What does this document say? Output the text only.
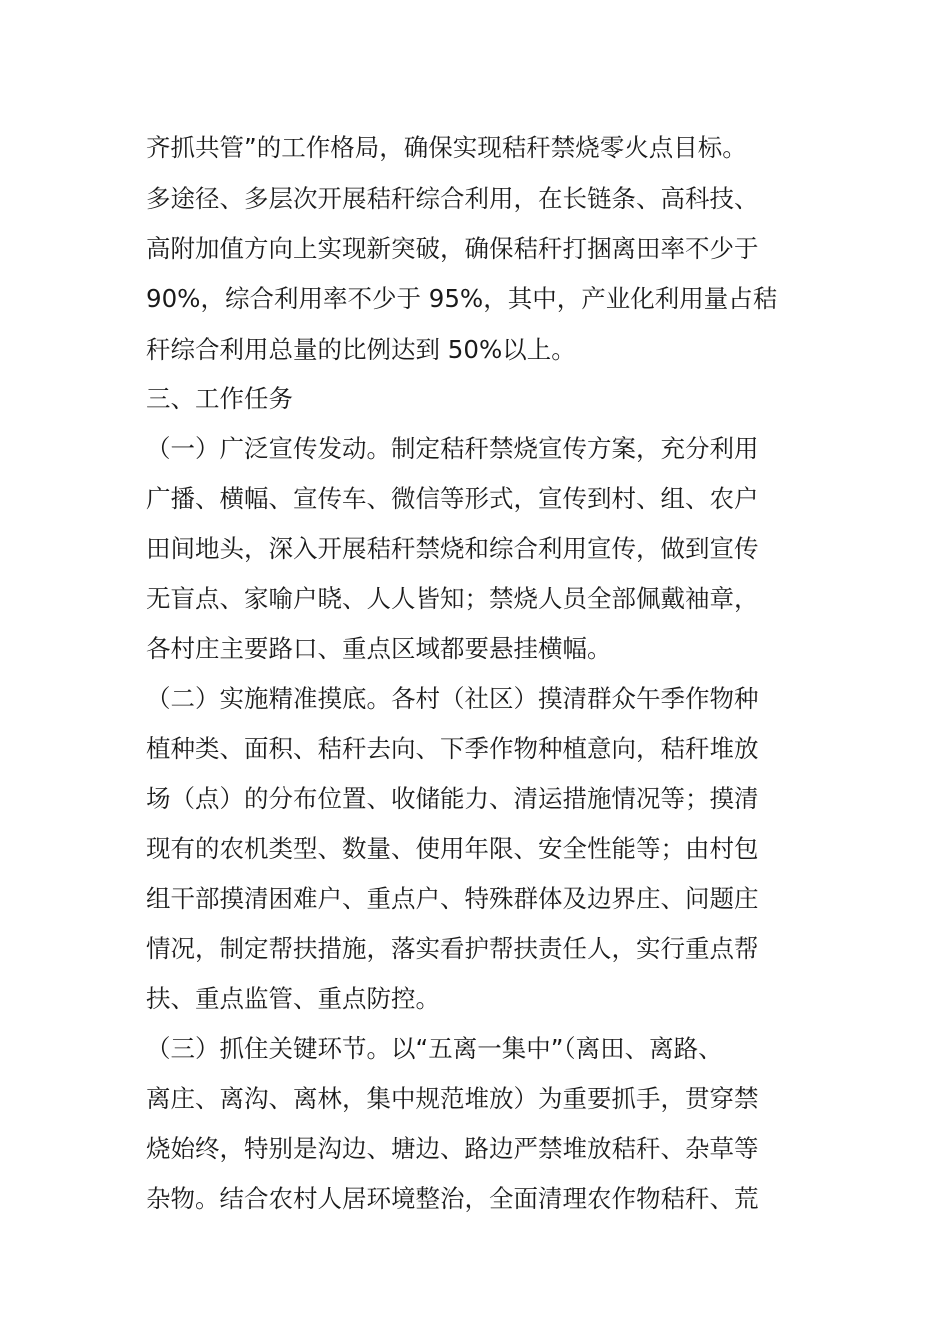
齐抓共管”的工作格局，确保实现秸秆禁烧零火点目标。
多途径、多层次开展秸秆综合利用，在长链条、高科技、
高附加值方向上实现新突破，确保秸秆打捆离田率不少于
90%，综合利用率不少于 95%，其中，产业化利用量占秸
秆综合利用总量的比例达到 50%以上。
三、工作任务
（一）广泛宣传发动。制定秸秆禁烧宣传方案，充分利用
广播、横幅、宣传车、微信等形式，宣传到村、组、农户
田间地头，深入开展秸秆禁烧和综合利用宣传，做到宣传
无盲点、家喻户晓、人人皆知；禁烧人员全部佩戴袖章，
各村庄主要路口、重点区域都要悬挂横幅。
（二）实施精准摸底。各村（社区）摸清群众午季作物种
植种类、面积、秸秆去向、下季作物种植意向，秸秆堆放
场（点）的分布位置、收储能力、清运措施情况等；摸清
现有的农机类型、数量、使用年限、安全性能等；由村包
组干部摸清困难户、重点户、特殊群体及边界庄、问题庄
情况，制定帮扶措施，落实看护帮扶责任人，实行重点帮
扶、重点监管、重点防控。
（三）抓住关键环节。以“五离一集中”（离田、离路、
离庄、离沟、离林，集中规范堆放）为重要抓手，贯穿禁
烧始终，特别是沟边、塘边、路边严禁堆放秸秆、杂草等
杂物。结合农村人居环境整治，全面清理农作物秸秆、荒
